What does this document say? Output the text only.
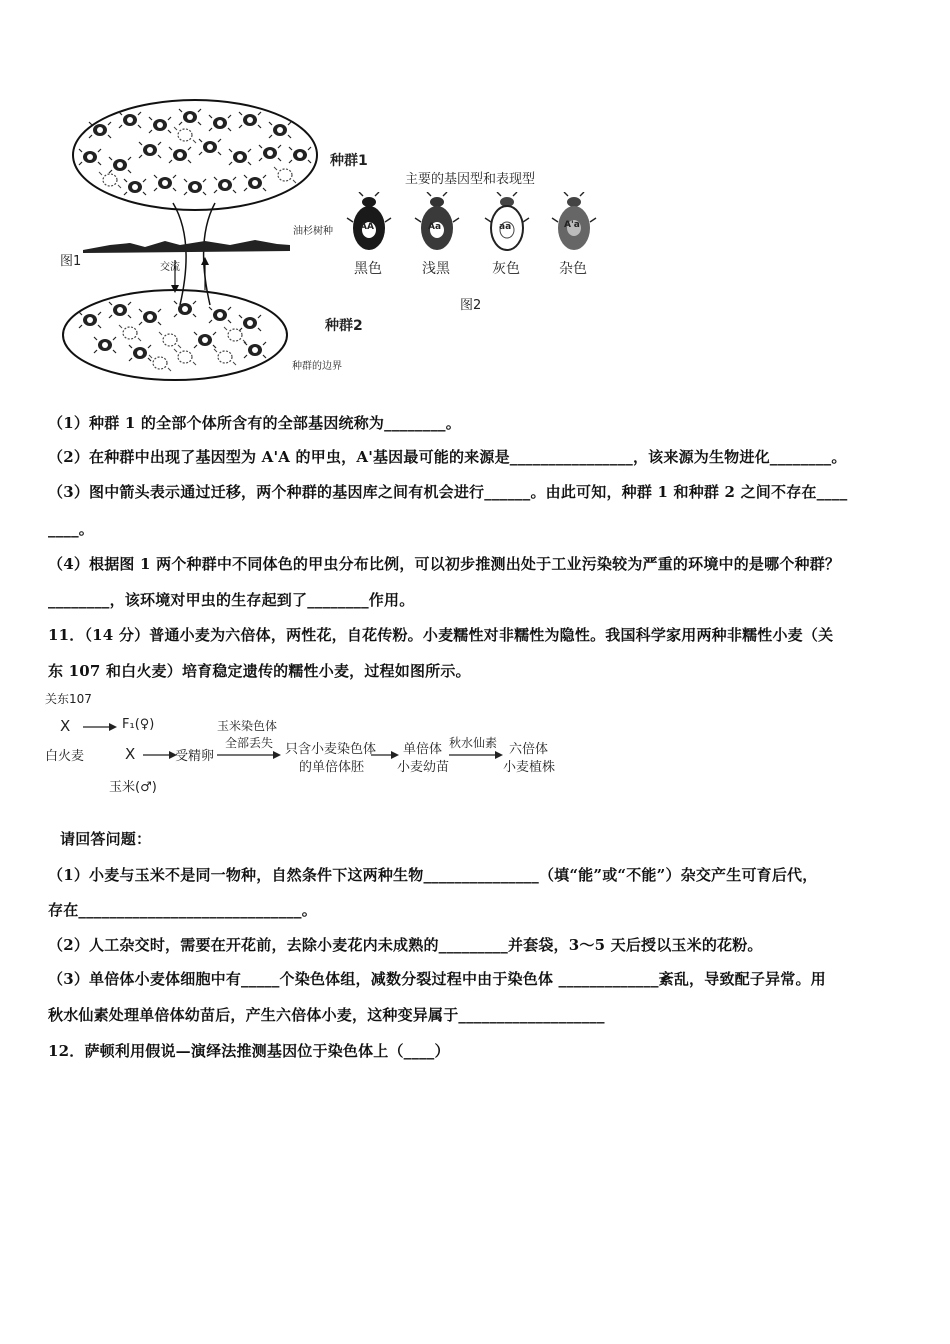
种群1
种群2
图1
油杉树种
交流
种群的边界
主要的基因型和表现型
AA
黑色
Aa
浅黑
aa
灰色
A'a
杂色
图2
（1）种群 1 的全部个体所含有的全部基因统称为________。
（2）在种群中出现了基因型为 A'A 的甲虫，A'基因最可能的来源是________________，该来源为生物进化________。
（3）图中箭头表示通过迁移，两个种群的基因库之间有机会进行______。由此可知，种群 1 和种群 2 之间不存在____
____。
（4）根据图 1 两个种群中不同体色的甲虫分布比例，可以初步推测出处于工业污染较为严重的环境中的是哪个种群？
________，该环境对甲虫的生存起到了________作用。
11．（14 分）普通小麦为六倍体，两性花，自花传粉。小麦糯性对非糯性为隐性。我国科学家用两种非糯性小麦（关
东 107 和白火麦）培育稳定遗传的糯性小麦，过程如图所示。
关东107
X	F₁(♀)
白火麦	X	受精卵
玉米(♂)
玉米染色体
全部丢失 只含小麦染色体
的单倍体胚
单倍体
小麦幼苗
秋水仙素 六倍体
小麦植株
请回答问题：
（1）小麦与玉米不是同一物种，自然条件下这两种生物_______________（填“能”或“不能”）杂交产生可育后代，
存在_____________________________。
（2）人工杂交时，需要在开花前，去除小麦花内未成熟的_________并套袋，3～5 天后授以玉米的花粉。
（3）单倍体小麦体细胞中有_____个染色体组，减数分裂过程中由于染色体 _____________紊乱，导致配子异常。用
秋水仙素处理单倍体幼苗后，产生六倍体小麦，这种变异属于___________________
12．萨顿利用假说—演绎法推测基因位于染色体上（____）
